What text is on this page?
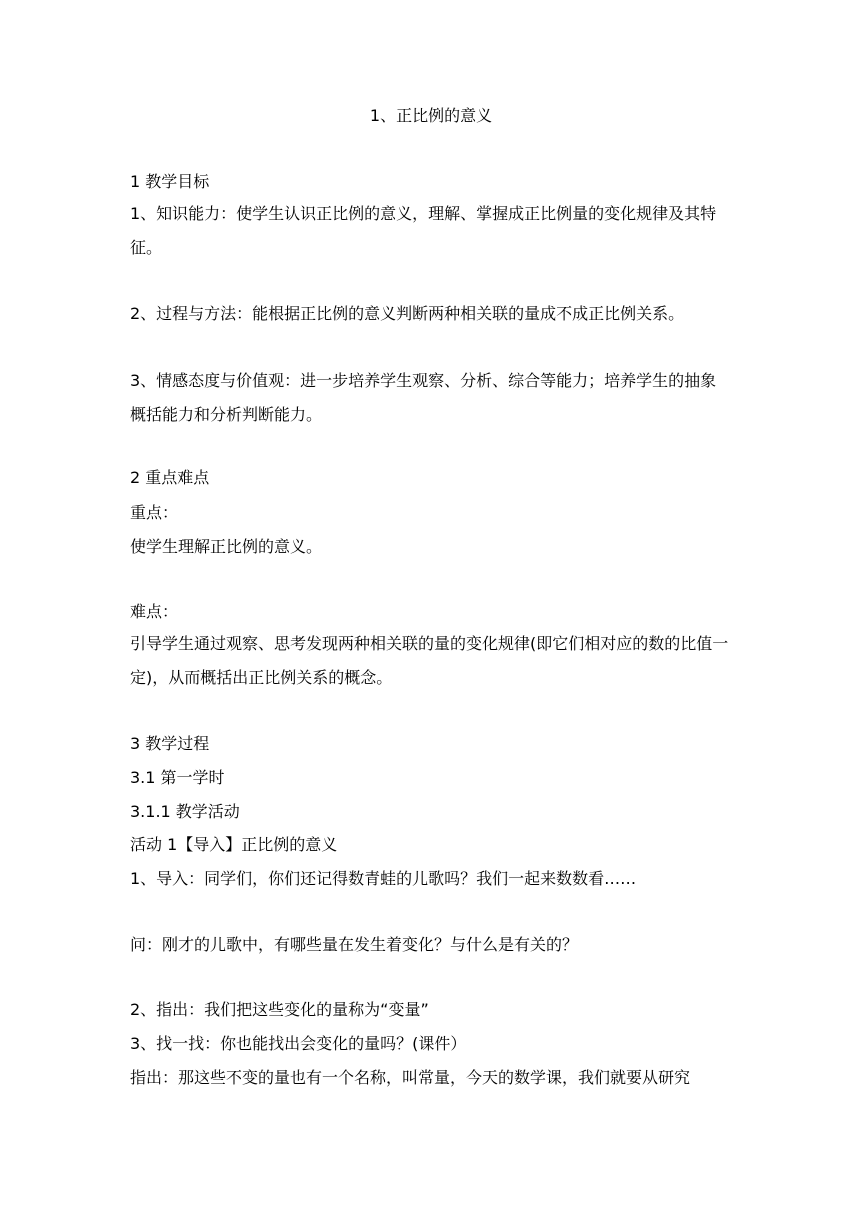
1、正比例的意义
1 教学目标
1、知识能力：使学生认识正比例的意义，理解、掌握成正比例量的变化规律及其特征。
2、过程与方法：能根据正比例的意义判断两种相关联的量成不成正比例关系。
3、情感态度与价值观：进一步培养学生观察、分析、综合等能力；培养学生的抽象概括能力和分析判断能力。
2 重点难点
重点：
使学生理解正比例的意义。
难点：
引导学生通过观察、思考发现两种相关联的量的变化规律(即它们相对应的数的比值一定)，从而概括出正比例关系的概念。
3 教学过程
3.1 第一学时
3.1.1 教学活动
活动 1【导入】正比例的意义
1、导入：同学们，你们还记得数青蛙的儿歌吗？我们一起来数数看……
问：刚才的儿歌中，有哪些量在发生着变化？与什么是有关的？
2、指出：我们把这些变化的量称为“变量”
3、找一找：你也能找出会变化的量吗？(课件）
指出：那这些不变的量也有一个名称，叫常量，今天的数学课，我们就要从研究
